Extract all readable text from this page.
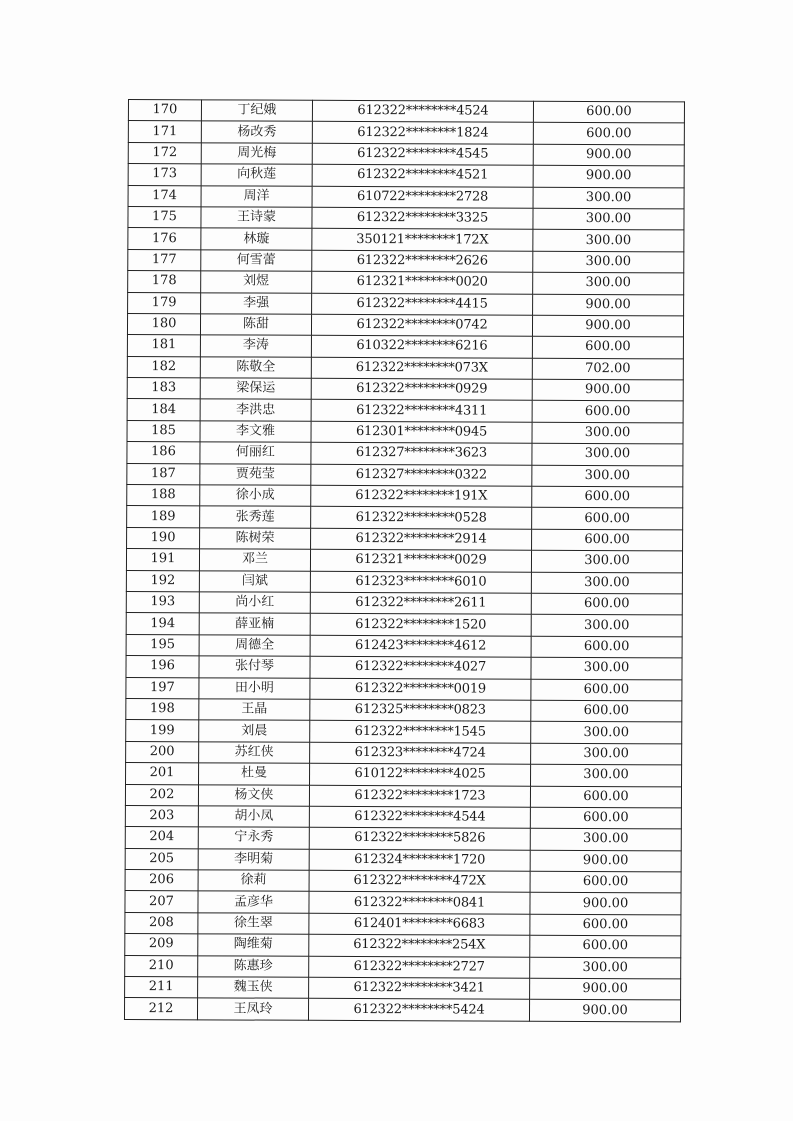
170	丁纪娥	612322********4524	600.00
171	杨改秀	612322********1824	600.00
172	周光梅	612322********4545	900.00
173	向秋莲	612322********4521	900.00
174	周洋	610722********2728	300.00
175	王诗蒙	612322********3325	300.00
176	林璇	350121********172X	300.00
177	何雪蕾	612322********2626	300.00
178	刘煜	612321********0020	300.00
179	李强	612322********4415	900.00
180	陈甜	612322********0742	900.00
181	李涛	610322********6216	600.00
182	陈敬全	612322********073X	702.00
183	梁保运	612322********0929	900.00
184	李洪忠	612322********4311	600.00
185	李文雅	612301********0945	300.00
186	何丽红	612327********3623	300.00
187	贾苑莹	612327********0322	300.00
188	徐小成	612322********191X	600.00
189	张秀莲	612322********0528	600.00
190	陈树荣	612322********2914	600.00
191	邓兰	612321********0029	300.00
192	闫斌	612323********6010	300.00
193	尚小红	612322********2611	600.00
194	薛亚楠	612322********1520	300.00
195	周德全	612423********4612	600.00
196	张付琴	612322********4027	300.00
197	田小明	612322********0019	600.00
198	王晶	612325********0823	600.00
199	刘晨	612322********1545	300.00
200	苏红侠	612323********4724	300.00
201	杜曼	610122********4025	300.00
202	杨文侠	612322********1723	600.00
203	胡小凤	612322********4544	600.00
204	宁永秀	612322********5826	300.00
205	李明菊	612324********1720	900.00
206	徐莉	612322********472X	600.00
207	孟彦华	612322********0841	900.00
208	徐生翠	612401********6683	600.00
209	陶维菊	612322********254X	600.00
210	陈惠珍	612322********2727	300.00
211	魏玉侠	612322********3421	900.00
212	王凤玲	612322********5424	900.00
